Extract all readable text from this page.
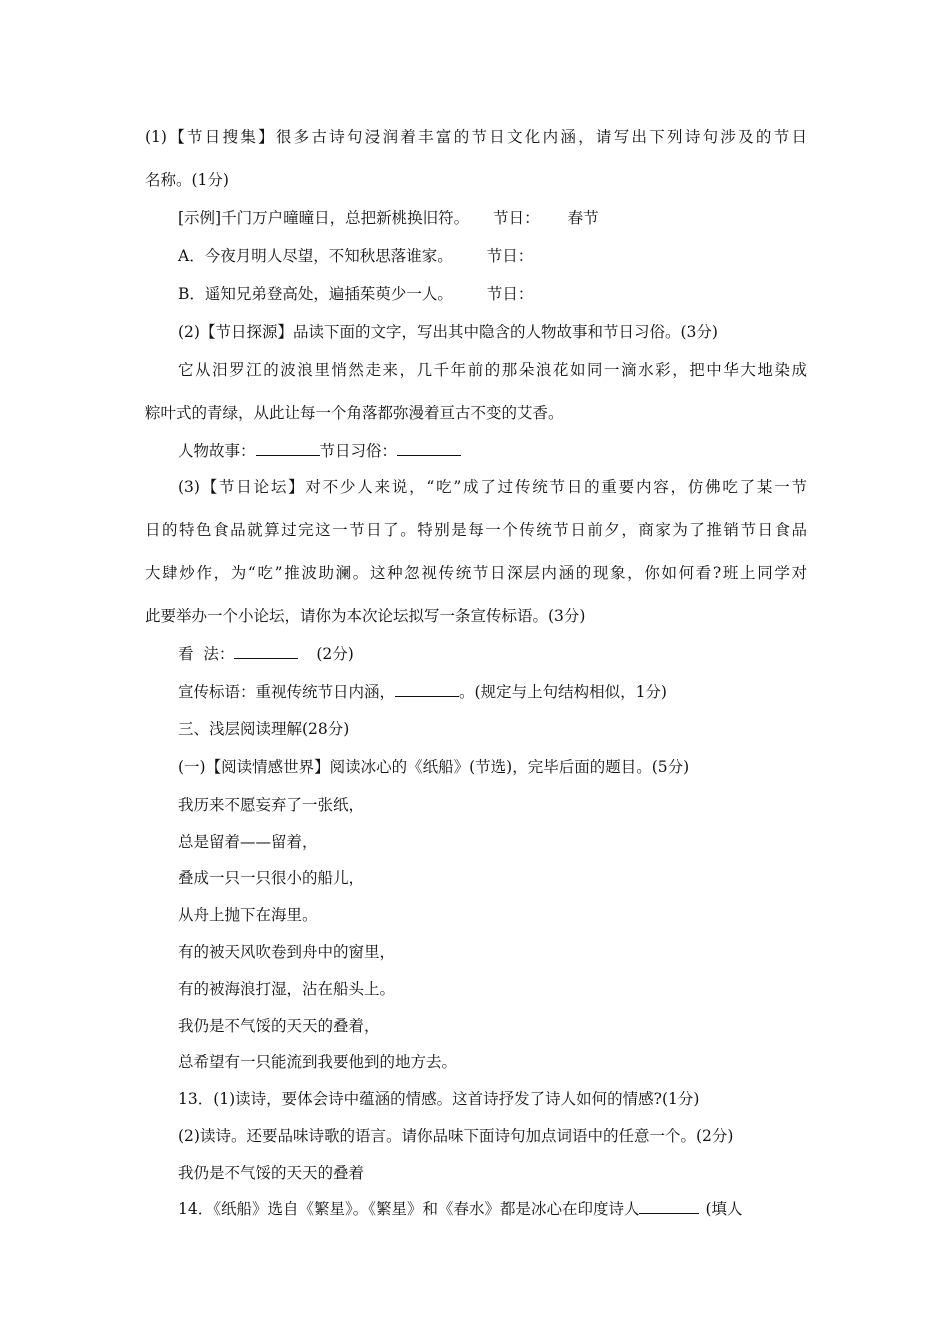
(1)【节日搜集】很多古诗句浸润着丰富的节日文化内涵，请写出下列诗句涉及的节日
名称。(1分)
[示例]千门万户曈曈日，总把新桃换旧符。 节日： 春节
A．今夜月明人尽望，不知秋思落谁家。 节日：
B．遥知兄弟登高处，遍插茱萸少一人。 节日：
(2)【节日探源】品读下面的文字，写出其中隐含的人物故事和节日习俗。(3分)
它从汨罗江的波浪里悄然走来，几千年前的那朵浪花如同一滴水彩，把中华大地染成
粽叶式的青绿，从此让每一个角落都弥漫着亘古不变的艾香。
人物故事：	节日习俗：
(3)【节日论坛】对不少人来说，“吃”成了过传统节日的重要内容，仿佛吃了某一节
日的特色食品就算过完这一节日了。特别是每一个传统节日前夕，商家为了推销节日食品
大肆炒作，为“吃”推波助澜。这种忽视传统节日深层内涵的现象，你如何看?班上同学对
此要举办一个小论坛，请你为本次论坛拟写一条宣传标语。(3分)
看  法：	(2分)
宣传标语：重视传统节日内涵，	。(规定与上句结构相似，1分)
三、浅层阅读理解(28分)
(一)【阅读情感世界】阅读冰心的《纸船》(节选)，完毕后面的题目。(5分)
我历来不愿妄弃了一张纸，
总是留着——留着，
叠成一只一只很小的船儿，
从舟上抛下在海里。
有的被天风吹卷到舟中的窗里，
有的被海浪打湿，沾在船头上。
我仍是不气馁的天天的叠着，
总希望有一只能流到我要他到的地方去。
13．(1)读诗，要体会诗中蕴涵的情感。这首诗抒发了诗人如何的情感?(1分)
(2)读诗。还要品味诗歌的语言。请你品味下面诗句加点词语中的任意一个。(2分)
我仍是不气馁的天天的叠着
14．《纸船》选自《繁星》。《繁星》和《春水》都是冰心在印度诗人	(填人
